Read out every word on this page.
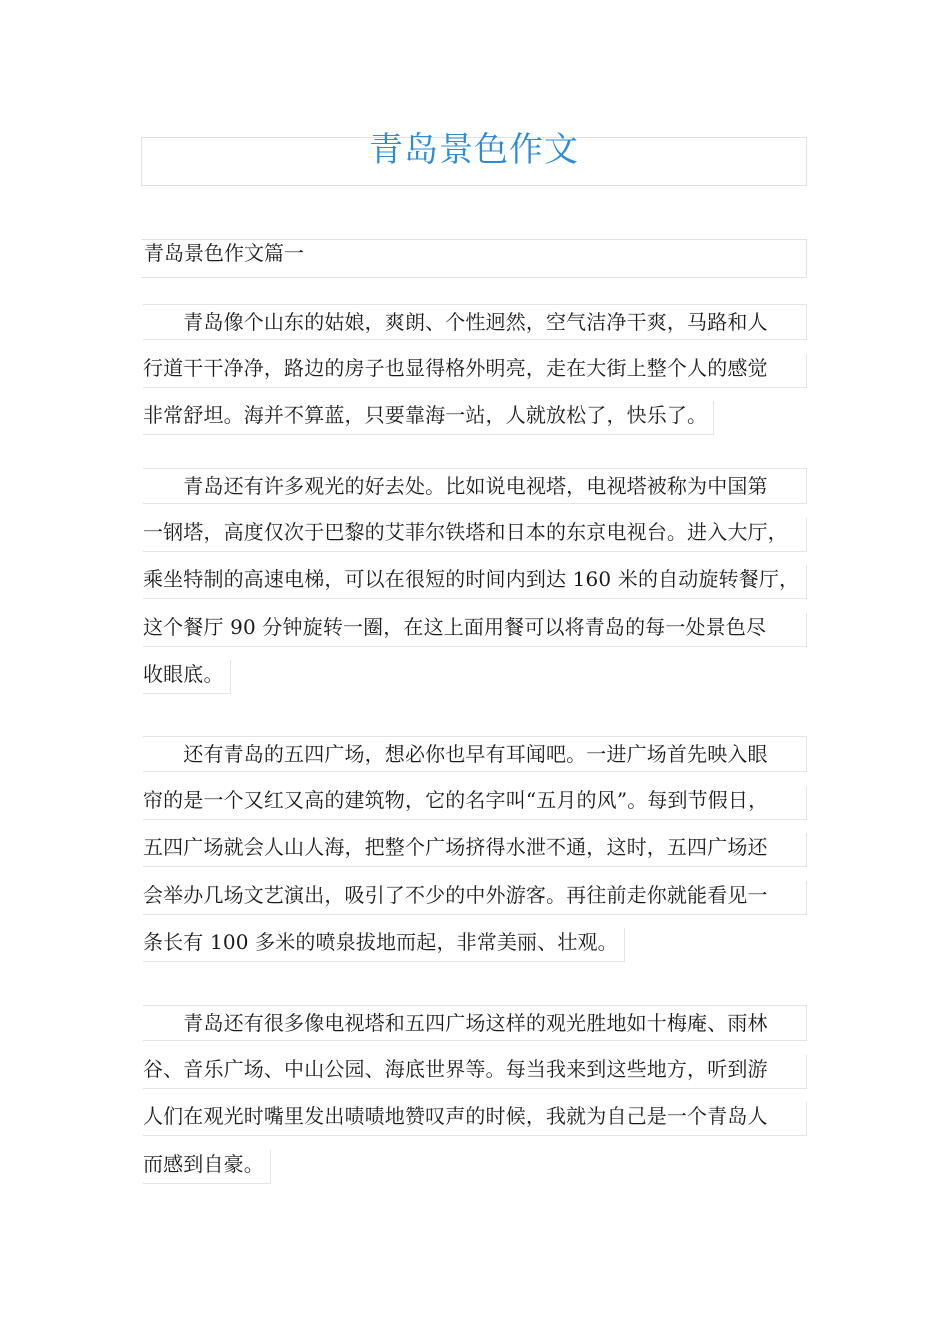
青岛景色作文
青岛景色作文篇一
　　青岛像个山东的姑娘，爽朗、个性迥然，空气洁净干爽，马路和人
行道干干净净，路边的房子也显得格外明亮，走在大街上整个人的感觉
非常舒坦。海并不算蓝，只要靠海一站，人就放松了，快乐了。
　　青岛还有许多观光的好去处。比如说电视塔，电视塔被称为中国第
一钢塔，高度仅次于巴黎的艾菲尔铁塔和日本的东京电视台。进入大厅，
乘坐特制的高速电梯，可以在很短的时间内到达 160 米的自动旋转餐厅，
这个餐厅 90 分钟旋转一圈，在这上面用餐可以将青岛的每一处景色尽
收眼底。
　　还有青岛的五四广场，想必你也早有耳闻吧。一进广场首先映入眼
帘的是一个又红又高的建筑物，它的名字叫“五月的风”。每到节假日，
五四广场就会人山人海，把整个广场挤得水泄不通，这时，五四广场还
会举办几场文艺演出，吸引了不少的中外游客。再往前走你就能看见一
条长有 100 多米的喷泉拔地而起，非常美丽、壮观。
　　青岛还有很多像电视塔和五四广场这样的观光胜地如十梅庵、雨林
谷、音乐广场、中山公园、海底世界等。每当我来到这些地方，听到游
人们在观光时嘴里发出啧啧地赞叹声的时候，我就为自己是一个青岛人
而感到自豪。
